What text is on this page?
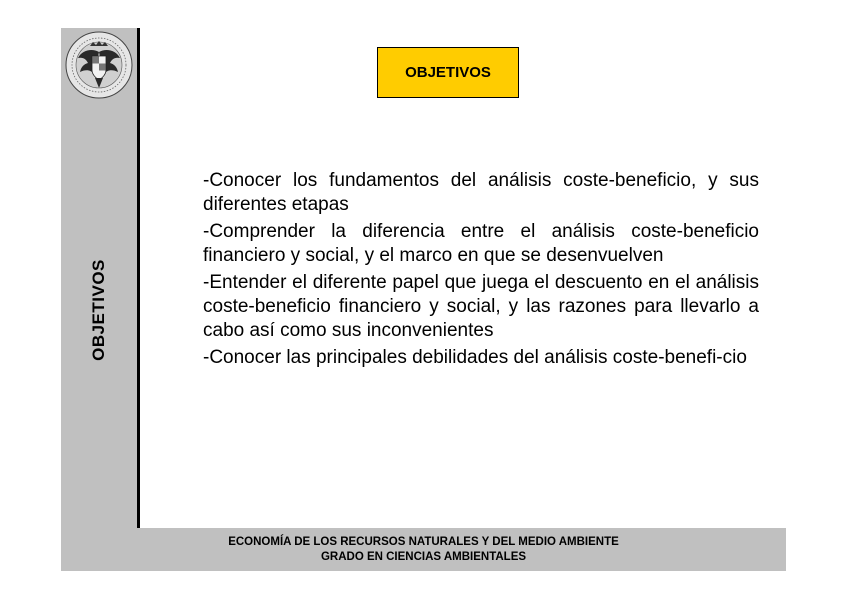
OBJETIVOS
OBJETIVOS

-Conocer los fundamentos del análisis coste-beneficio, y sus diferentes etapas

-Comprender la diferencia entre el análisis coste-beneficio financiero y social, y el marco en que se desenvuelven

-Entender el diferente papel que juega el descuento en el análisis coste-beneficio financiero y social, y las razones para llevarlo a cabo así como sus inconvenientes

-Conocer las principales debilidades del análisis coste-benefi-cio

ECONOMÍA DE LOS RECURSOS NATURALES Y DEL MEDIO AMBIENTE
GRADO EN CIENCIAS AMBIENTALES
